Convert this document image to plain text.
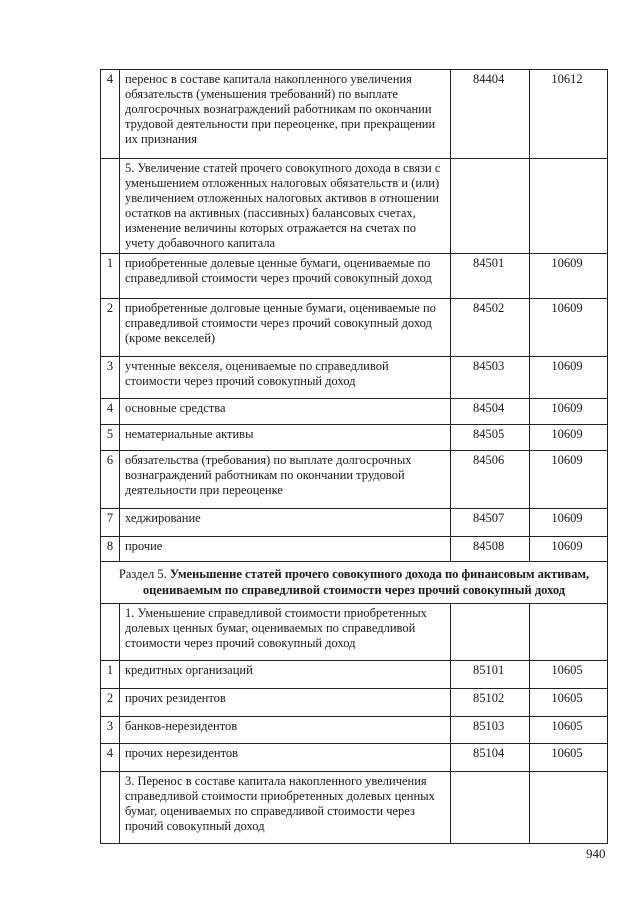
4	перенос в составе капитала накопленного увеличения обязательств (уменьшения требований) по выплате долгосрочных вознаграждений работникам по окончании трудовой деятельности при переоценке, при прекращении их признания	84404	10612
	5. Увеличение статей прочего совокупного дохода в связи с уменьшением отложенных налоговых обязательств и (или) увеличением отложенных налоговых активов в отношении остатков на активных (пассивных) балансовых счетах, изменение величины которых отражается на счетах по учету добавочного капитала		
1	приобретенные долевые ценные бумаги, оцениваемые по справедливой стоимости через прочий совокупный доход	84501	10609
2	приобретенные долговые ценные бумаги, оцениваемые по справедливой стоимости через прочий совокупный доход (кроме векселей)	84502	10609
3	учтенные векселя, оцениваемые по справедливой стоимости через прочий совокупный доход	84503	10609
4	основные средства	84504	10609
5	нематериальные активы	84505	10609
6	обязательства (требования) по выплате долгосрочных вознаграждений работникам по окончании трудовой деятельности при переоценке	84506	10609
7	хеджирование	84507	10609
8	прочие	84508	10609
Раздел 5. Уменьшение статей прочего совокупного дохода по финансовым активам, оцениваемым по справедливой стоимости через прочий совокупный доход			
	1. Уменьшение справедливой стоимости приобретенных долевых ценных бумаг, оцениваемых по справедливой стоимости через прочий совокупный доход		
1	кредитных организаций	85101	10605
2	прочих резидентов	85102	10605
3	банков-нерезидентов	85103	10605
4	прочих нерезидентов	85104	10605
	3. Перенос в составе капитала накопленного увеличения справедливой стоимости приобретенных долевых ценных бумаг, оцениваемых по справедливой стоимости через прочий совокупный доход		
940
